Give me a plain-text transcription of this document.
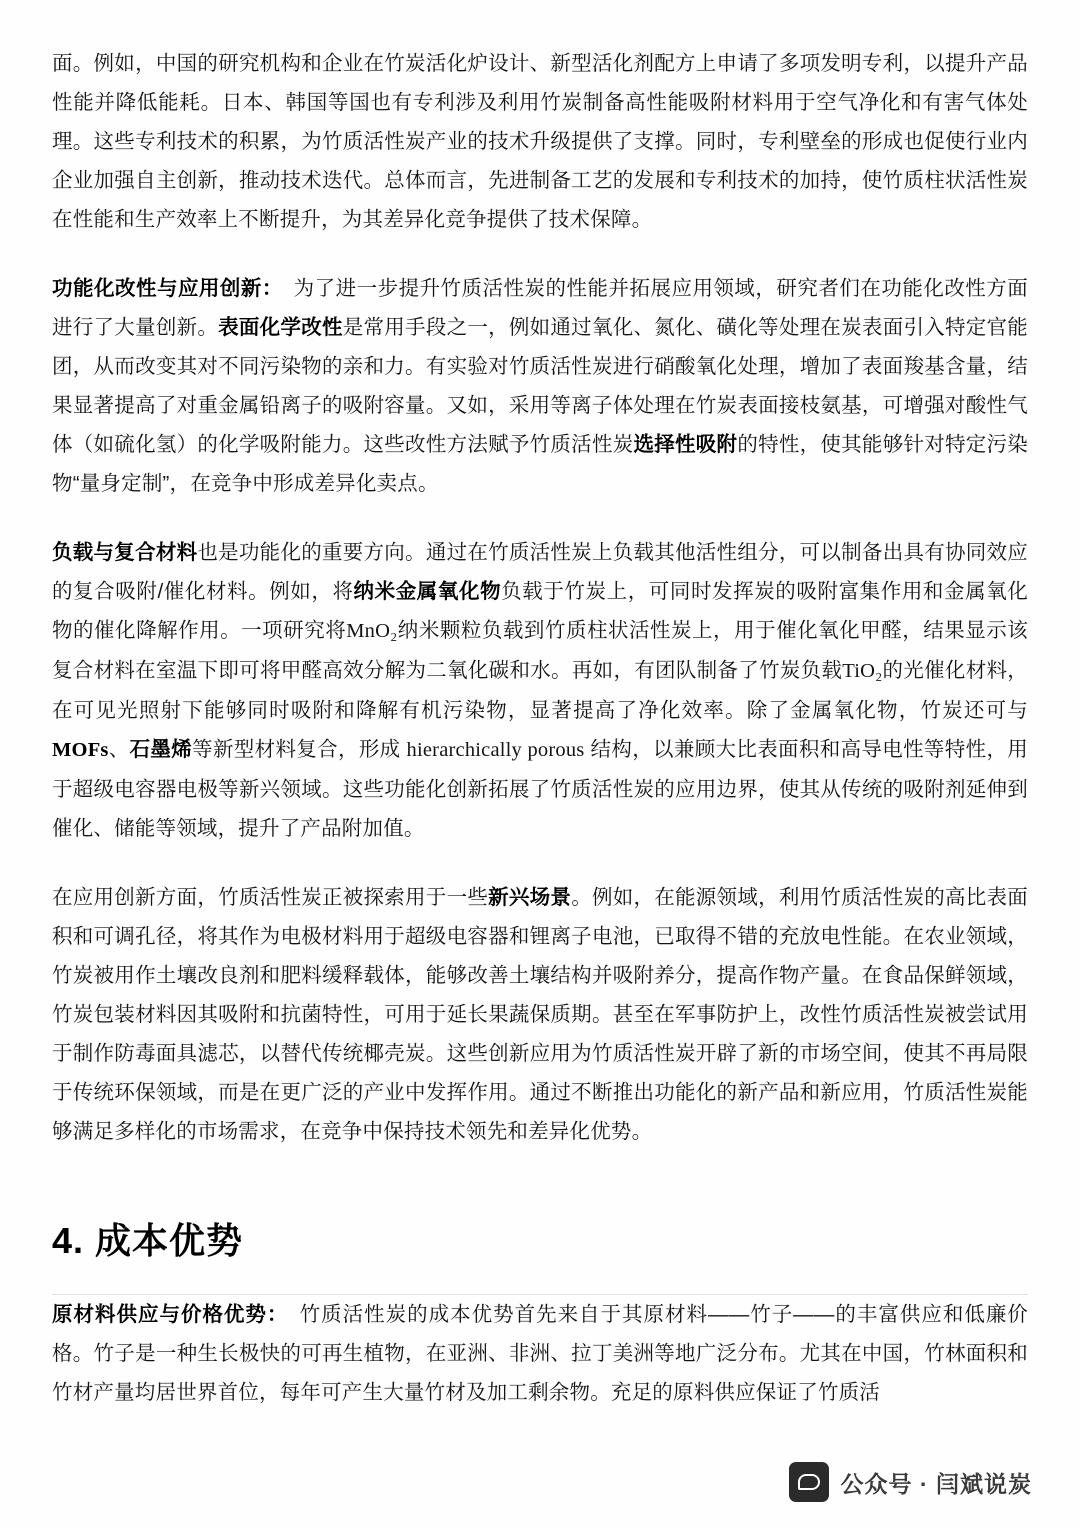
面。例如，中国的研究机构和企业在竹炭活化炉设计、新型活化剂配方上申请了多项发明专利，以提升产品性能并降低能耗。日本、韩国等国也有专利涉及利用竹炭制备高性能吸附材料用于空气净化和有害气体处理。这些专利技术的积累，为竹质活性炭产业的技术升级提供了支撑。同时，专利壁垒的形成也促使行业内企业加强自主创新，推动技术迭代。总体而言，先进制备工艺的发展和专利技术的加持，使竹质柱状活性炭在性能和生产效率上不断提升，为其差异化竞争提供了技术保障。

功能化改性与应用创新：　为了进一步提升竹质活性炭的性能并拓展应用领域，研究者们在功能化改性方面进行了大量创新。表面化学改性是常用手段之一，例如通过氧化、氮化、磺化等处理在炭表面引入特定官能团，从而改变其对不同污染物的亲和力。有实验对竹质活性炭进行硝酸氧化处理，增加了表面羧基含量，结果显著提高了对重金属铅离子的吸附容量。又如，采用等离子体处理在竹炭表面接枝氨基，可增强对酸性气体（如硫化氢）的化学吸附能力。这些改性方法赋予竹质活性炭选择性吸附的特性，使其能够针对特定污染物“量身定制”，在竞争中形成差异化卖点。

负载与复合材料也是功能化的重要方向。通过在竹质活性炭上负载其他活性组分，可以制备出具有协同效应的复合吸附/催化材料。例如，将纳米金属氧化物负载于竹炭上，可同时发挥炭的吸附富集作用和金属氧化物的催化降解作用。一项研究将MnO₂纳米颗粒负载到竹质柱状活性炭上，用于催化氧化甲醛，结果显示该复合材料在室温下即可将甲醛高效分解为二氧化碳和水。再如，有团队制备了竹炭负载TiO₂的光催化材料，在可见光照射下能够同时吸附和降解有机污染物，显著提高了净化效率。除了金属氧化物，竹炭还可与MOFs、石墨烯等新型材料复合，形成 hierarchically porous 结构，以兼顾大比表面积和高导电性等特性，用于超级电容器电极等新兴领域。这些功能化创新拓展了竹质活性炭的应用边界，使其从传统的吸附剂延伸到催化、储能等领域，提升了产品附加值。

在应用创新方面，竹质活性炭正被探索用于一些新兴场景。例如，在能源领域，利用竹质活性炭的高比表面积和可调孔径，将其作为电极材料用于超级电容器和锂离子电池，已取得不错的充放电性能。在农业领域，竹炭被用作土壤改良剂和肥料缓释载体，能够改善土壤结构并吸附养分，提高作物产量。在食品保鲜领域，竹炭包装材料因其吸附和抗菌特性，可用于延长果蔬保质期。甚至在军事防护上，改性竹质活性炭被尝试用于制作防毒面具滤芯，以替代传统椰壳炭。这些创新应用为竹质活性炭开辟了新的市场空间，使其不再局限于传统环保领域，而是在更广泛的产业中发挥作用。通过不断推出功能化的新产品和新应用，竹质活性炭能够满足多样化的市场需求，在竞争中保持技术领先和差异化优势。

4. 成本优势

原材料供应与价格优势：　竹质活性炭的成本优势首先来自于其原材料——竹子——的丰富供应和低廉价格。竹子是一种生长极快的可再生植物，在亚洲、非洲、拉丁美洲等地广泛分布。尤其在中国，竹林面积和竹材产量均居世界首位，每年可产生大量竹材及加工剩余物。充足的原料供应保证了竹质活

公众号 · 闫斌说炭
